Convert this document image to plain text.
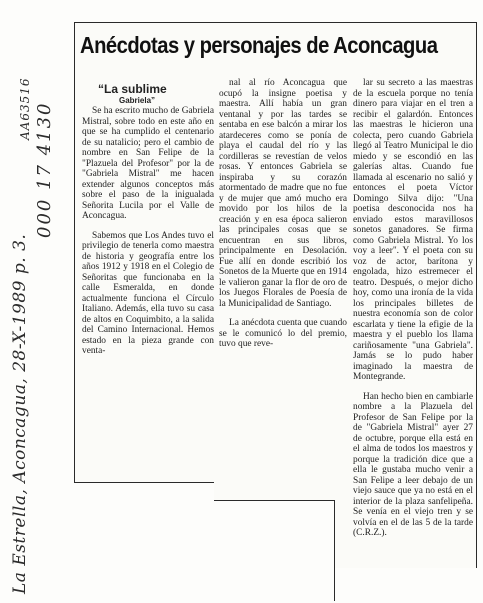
Anécdotas y personajes de Aconcagua
“La sublime
Gabriela”

Se ha escrito mucho de Gabriela Mistral, sobre todo en este año en que se ha cumplido el centenario de su natalicio; pero el cambio de nombre en San Felipe de la "Plazuela del Profesor" por la de "Gabriela Mistral" me hacen extender algunos conceptos más sobre el paso de la inigualada Señorita Lucila por el Valle de Aconcagua.

Sabemos que Los Andes tuvo el privilegio de tenerla como maestra de historia y geografía entre los años 1912 y 1918 en el Colegio de Señoritas que funcionaba en la calle Esmeralda, en donde actualmente funciona el Círculo Italiano. Además, ella tuvo su casa de altos en Coquimbito, a la salida del Camino Internacional. Hemos estado en la pieza grande con venta-

nal al río Aconcagua que ocupó la insigne poetisa y maestra. Allí había un gran ventanal y por las tardes se sentaba en ese balcón a mirar los atardeceres como se ponía de playa el caudal del río y las cordilleras se revestían de velos rosas. Y entonces Gabriela se inspiraba y su corazón atormentado de madre que no fue y de mujer que amó mucho era movido por los hilos de la creación y en esa época salieron las principales cosas que se encuentran en sus libros, principalmente en Desolación. Fue allí en donde escribió los Sonetos de la Muerte que en 1914 le valieron ganar la flor de oro de los Juegos Florales de Poesía de la Municipalidad de Santiago.

La anécdota cuenta que cuando se le comunicó lo del premio, tuvo que reve-

lar su secreto a las maestras de la escuela porque no tenía dinero para viajar en el tren a recibir el galardón. Entonces las maestras le hicieron una colecta, pero cuando Gabriela llegó al Teatro Municipal le dio miedo y se escondió en las galerías altas. Cuando fue llamada al escenario no salió y entonces el poeta Víctor Domingo Silva dijo: "Una poetisa desconocida nos ha enviado estos maravillosos sonetos ganadores. Se firma como Gabriela Mistral. Yo los voy a leer". Y el poeta con su voz de actor, barítona y engolada, hizo estremecer el teatro. Después, o mejor dicho hoy, como una ironía de la vida los principales billetes de nuestra economía son de color escarlata y tiene la efigie de la maestra y el pueblo los llama cariñosamente "una Gabriela". Jamás se lo pudo haber imaginado la maestra de Montegrande.

Han hecho bien en cambiarle nombre a la Plazuela del Profesor de San Felipe por la de "Gabriela Mistral" ayer 27 de octubre, porque ella está en el alma de todos los maestros y porque la tradición dice que a ella le gustaba mucho venir a San Felipe a leer debajo de un viejo sauce que ya no está en el interior de la plaza sanfelipeña. Se venía en el viejo tren y se volvía en el de las 5 de la tarde (C.R.Z.).

La Estrella, Aconcagua, 28-X-1989 p. 3.
000 17 4130
AA63516
